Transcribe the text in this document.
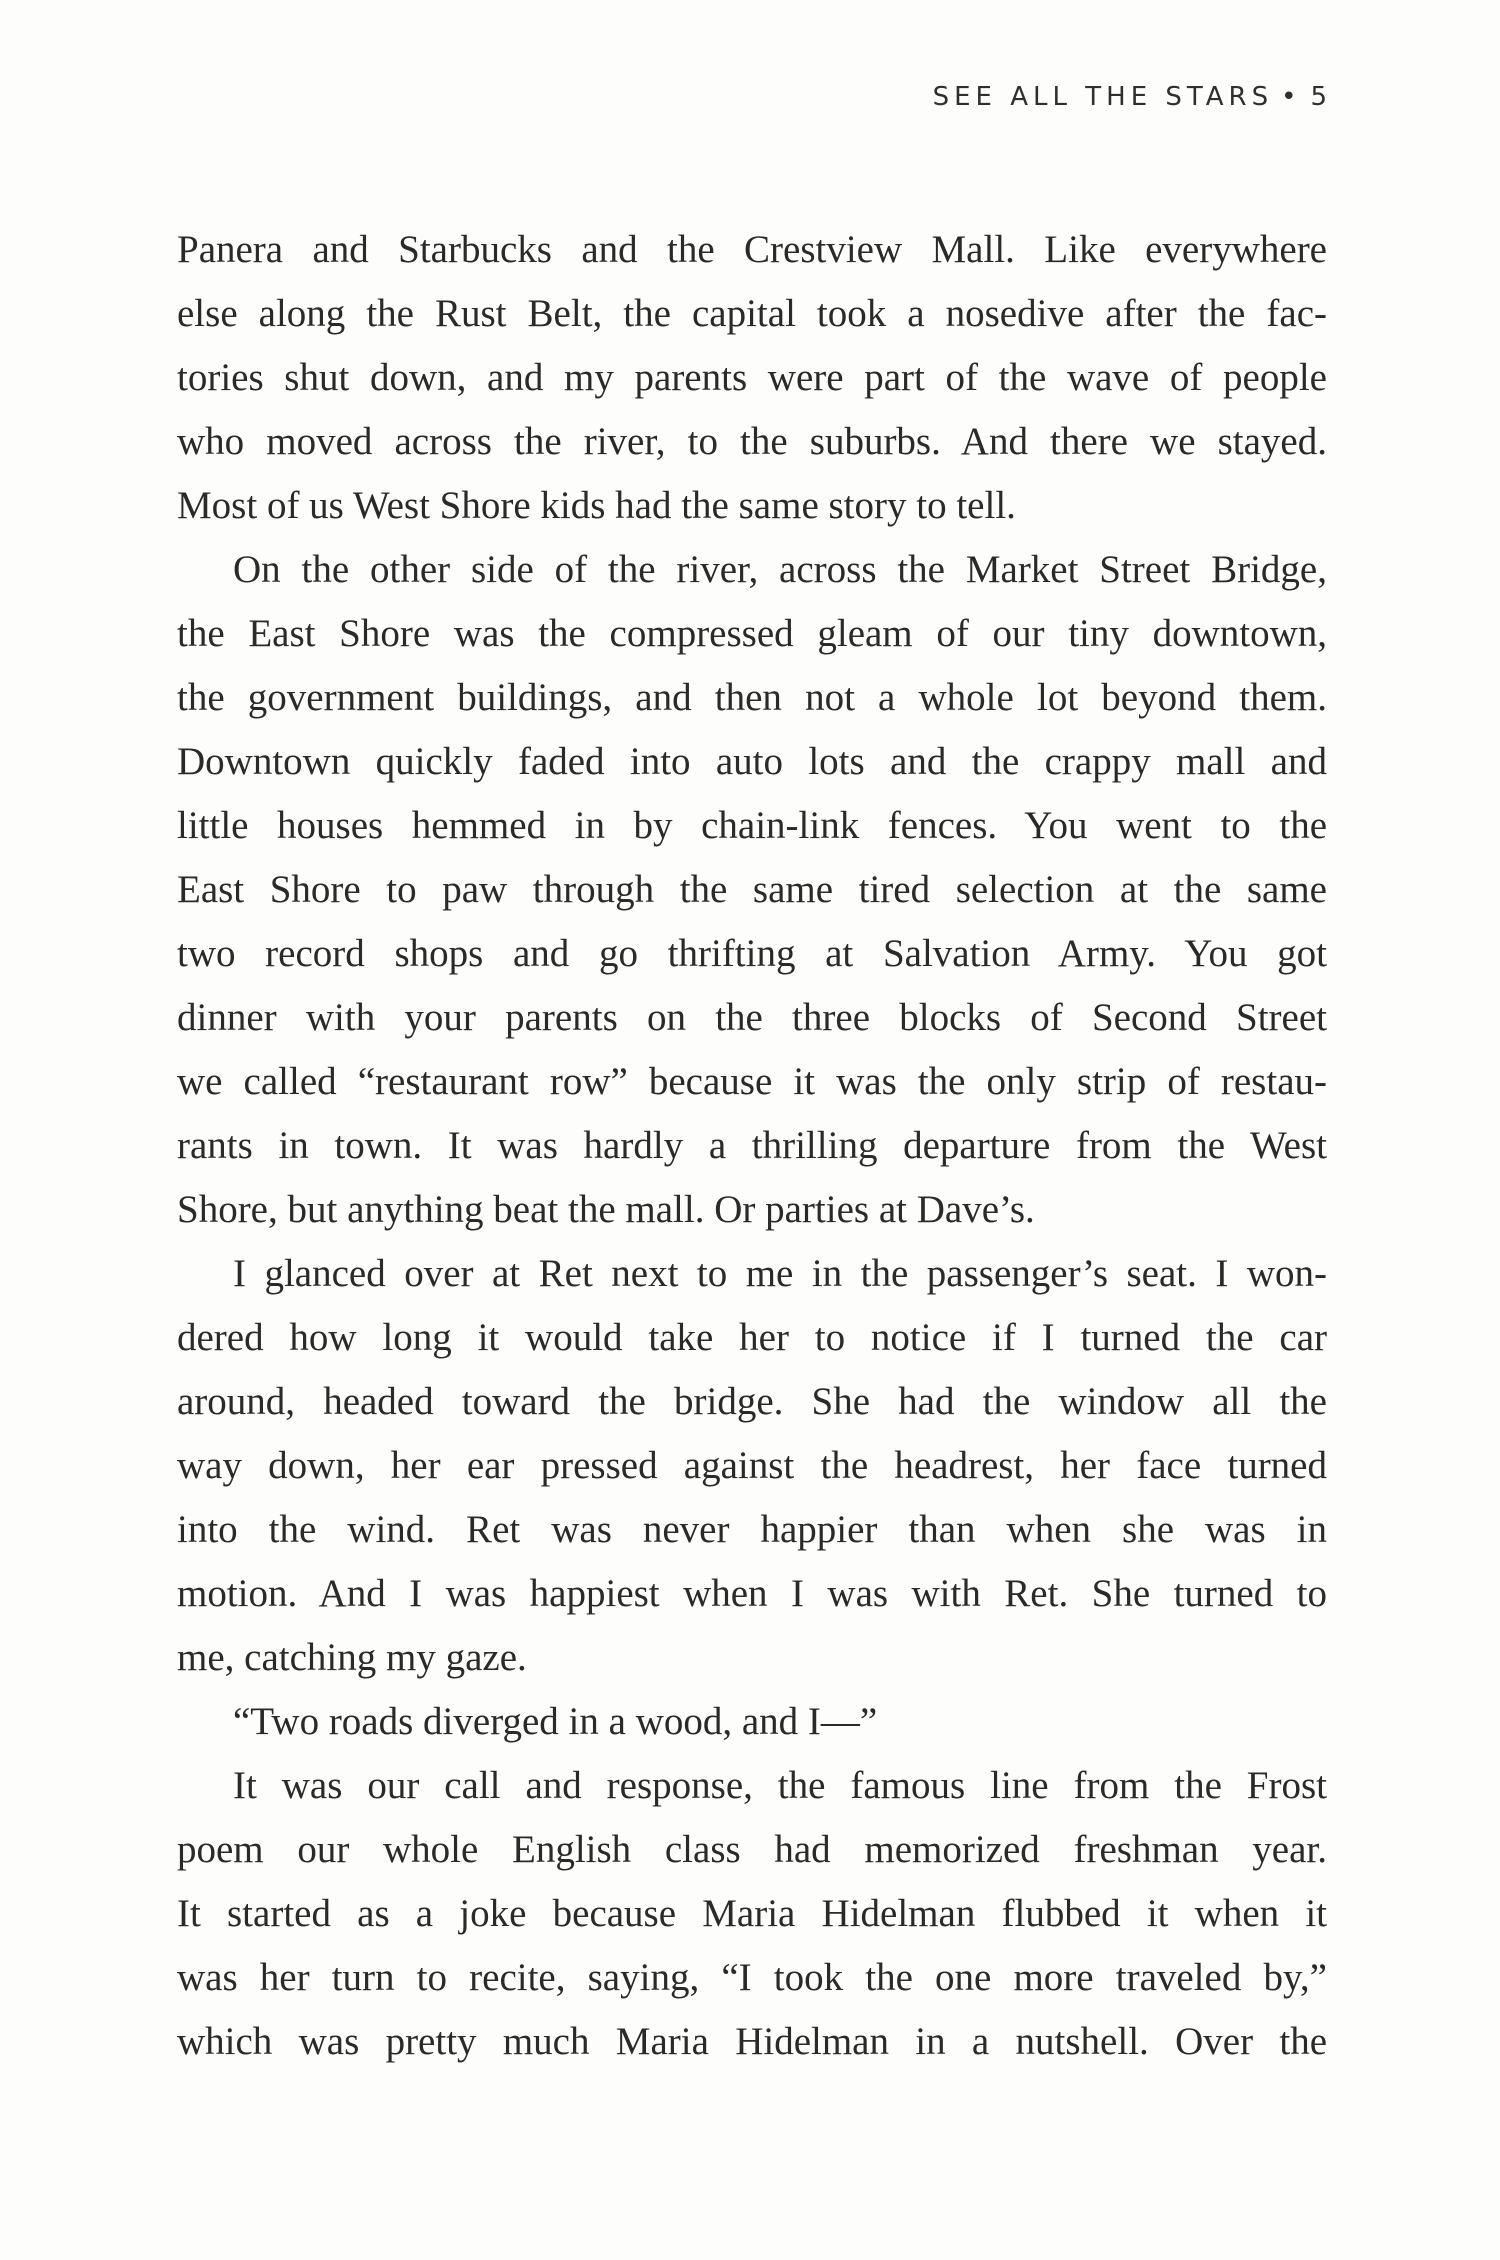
SEE ALL THE STARS • 5
Panera and Starbucks and the Crestview Mall. Like everywhere
else along the Rust Belt, the capital took a nosedive after the fac-
tories shut down, and my parents were part of the wave of people
who moved across the river, to the suburbs. And there we stayed.
Most of us West Shore kids had the same story to tell.
On the other side of the river, across the Market Street Bridge,
the East Shore was the compressed gleam of our tiny downtown,
the government buildings, and then not a whole lot beyond them.
Downtown quickly faded into auto lots and the crappy mall and
little houses hemmed in by chain-link fences. You went to the
East Shore to paw through the same tired selection at the same
two record shops and go thrifting at Salvation Army. You got
dinner with your parents on the three blocks of Second Street
we called “restaurant row” because it was the only strip of restau-
rants in town. It was hardly a thrilling departure from the West
Shore, but anything beat the mall. Or parties at Dave’s.
I glanced over at Ret next to me in the passenger’s seat. I won-
dered how long it would take her to notice if I turned the car
around, headed toward the bridge. She had the window all the
way down, her ear pressed against the headrest, her face turned
into the wind. Ret was never happier than when she was in
motion. And I was happiest when I was with Ret. She turned to
me, catching my gaze.
“Two roads diverged in a wood, and I—”
It was our call and response, the famous line from the Frost
poem our whole English class had memorized freshman year.
It started as a joke because Maria Hidelman flubbed it when it
was her turn to recite, saying, “I took the one more traveled by,”
which was pretty much Maria Hidelman in a nutshell. Over the
